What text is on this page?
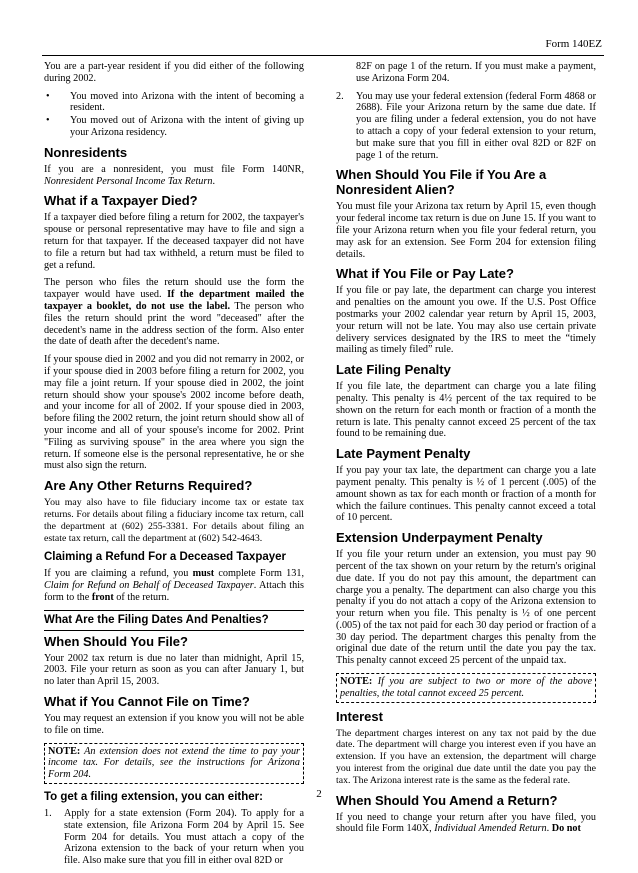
Form 140EZ

You are a part-year resident if you did either of the following during 2002.

• You moved into Arizona with the intent of becoming a resident.
• You moved out of Arizona with the intent of giving up your Arizona residency.
Nonresidents

If you are a nonresident, you must file Form 140NR, Nonresident Personal Income Tax Return.

What if a Taxpayer Died?

If a taxpayer died before filing a return for 2002, the taxpayer's spouse or personal representative may have to file and sign a return for that taxpayer. If the deceased taxpayer did not have to file a return but had tax withheld, a return must be filed to get a refund.

The person who files the return should use the form the taxpayer would have used. If the department mailed the taxpayer a booklet, do not use the label. The person who files the return should print the word "deceased" after the decedent's name in the address section of the form. Also enter the date of death after the decedent's name.

If your spouse died in 2002 and you did not remarry in 2002, or if your spouse died in 2003 before filing a return for 2002, you may file a joint return. If your spouse died in 2002, the joint return should show your spouse's 2002 income before death, and your income for all of 2002. If your spouse died in 2003, before filing the 2002 return, the joint return should show all of your income and all of your spouse's income for 2002. Print "Filing as surviving spouse" in the area where you sign the return. If someone else is the personal representative, he or she must also sign the return.

Are Any Other Returns Required?

You may also have to file fiduciary income tax or estate tax returns. For details about filing a fiduciary income tax return, call the department at (602) 255-3381. For details about filing an estate tax return, call the department at (602) 542-4643.

Claiming a Refund For a Deceased Taxpayer

If you are claiming a refund, you must complete Form 131, Claim for Refund on Behalf of Deceased Taxpayer. Attach this form to the front of the return.

What Are the Filing Dates And Penalties?
When Should You File?

Your 2002 tax return is due no later than midnight, April 15, 2003. File your return as soon as you can after January 1, but no later than April 15, 2003.

What if You Cannot File on Time?

You may request an extension if you know you will not be able to file on time.

NOTE: An extension does not extend the time to pay your income tax. For details, see the instructions for Arizona Form 204.
To get a filing extension, you can either:
1. Apply for a state extension (Form 204). To apply for a state extension, file Arizona Form 204 by April 15. See Form 204 for details. You must attach a copy of the Arizona extension to the back of your return when you file. Also make sure that you fill in either oval 82D or

82F on page 1 of the return. If you must make a payment, use Arizona Form 204.

2. You may use your federal extension (federal Form 4868 or 2688). File your Arizona return by the same due date. If you are filing under a federal extension, you do not have to attach a copy of your federal extension to your return, but make sure that you fill in either oval 82D or 82F on page 1 of the return.
When Should You File if You Are a Nonresident Alien?

You must file your Arizona tax return by April 15, even though your federal income tax return is due on June 15. If you want to file your Arizona return when you file your federal return, you may ask for an extension. See Form 204 for extension filing details.

What if You File or Pay Late?

If you file or pay late, the department can charge you interest and penalties on the amount you owe. If the U.S. Post Office postmarks your 2002 calendar year return by April 15, 2003, your return will not be late. You may also use certain private delivery services designated by the IRS to meet the “timely mailing as timely filed” rule.

Late Filing Penalty

If you file late, the department can charge you a late filing penalty. This penalty is 4½ percent of the tax required to be shown on the return for each month or fraction of a month the return is late. This penalty cannot exceed 25 percent of the tax found to be remaining due.

Late Payment Penalty

If you pay your tax late, the department can charge you a late payment penalty. This penalty is ½ of 1 percent (.005) of the amount shown as tax for each month or fraction of a month for which the failure continues. This penalty cannot exceed a total of 10 percent.

Extension Underpayment Penalty

If you file your return under an extension, you must pay 90 percent of the tax shown on your return by the return's original due date. If you do not pay this amount, the department can charge you a penalty. The department can also charge you this penalty if you do not attach a copy of the Arizona extension to your return when you file. This penalty is ½ of one percent (.005) of the tax not paid for each 30 day period or fraction of a 30 day period. The department charges this penalty from the original due date of the return until the date you pay the tax. This penalty cannot exceed 25 percent of the unpaid tax.

NOTE: If you are subject to two or more of the above penalties, the total cannot exceed 25 percent.
Interest

The department charges interest on any tax not paid by the due date. The department will charge you interest even if you have an extension. If you have an extension, the department will charge you interest from the original due date until the date you pay the tax. The Arizona interest rate is the same as the federal rate.

When Should You Amend a Return?

If you need to change your return after you have filed, you should file Form 140X, Individual Amended Return. Do not

2
